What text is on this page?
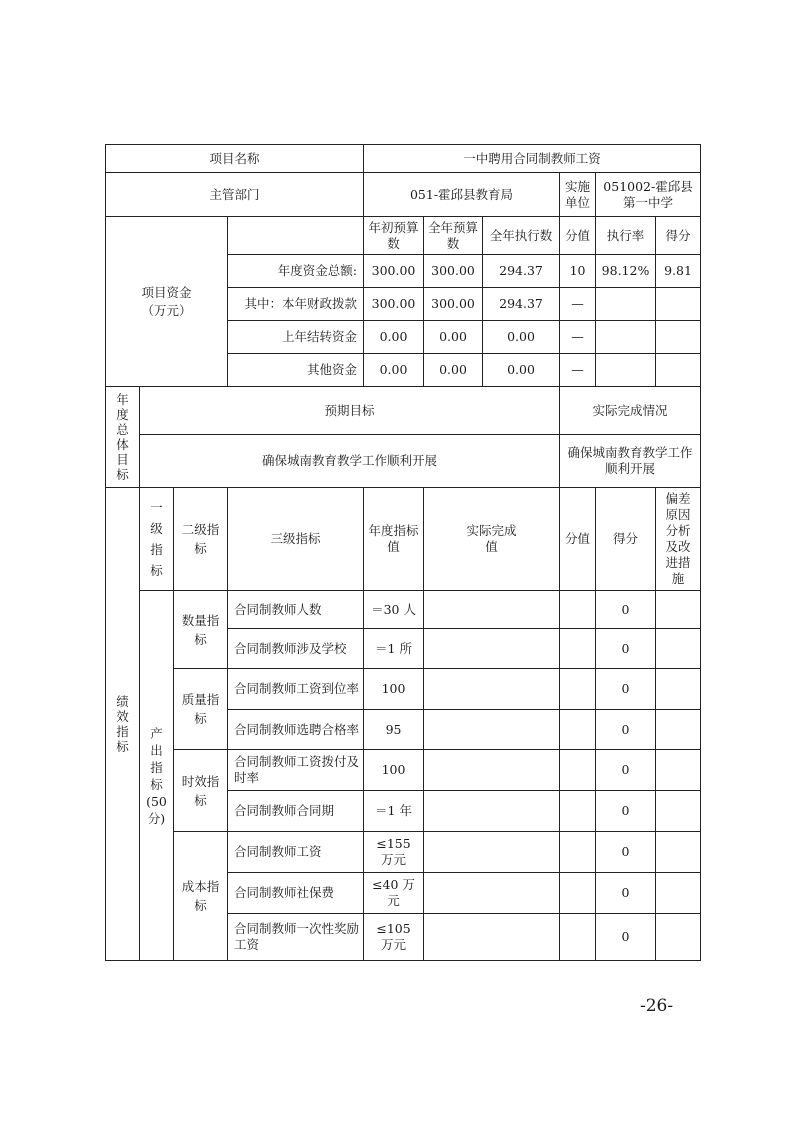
项目名称				一中聘用合同制教师工资					
主管部门				051-霍邱县教育局			实施单位	051002-霍邱县第一中学	

项目资金（万元）				年初预算数	全年预算数	全年执行数	分值	执行率	得分
			年度资金总额:	300.00	300.00	294.37	10	98.12%	9.81
			其中：本年财政拨款	300.00	300.00	294.37	—		
			上年结转资金	0.00	0.00	0.00	—		
			其他资金	0.00	0.00	0.00	—		
年度总体目标	预期目标						实际完成情况		
	确保城南教育教学工作顺利开展						确保城南教育教学工作顺利开展		
绩效指标	一级指标	二级指标	三级指标	年度指标值	实际完成值		分值	得分	偏差原因分析及改进措施

	产出指标(50分)	数量指标	合同制教师人数	＝30 人				0	
			合同制教师涉及学校	＝1 所				0	

		质量指标	合同制教师工资到位率	100				0	
			合同制教师选聘合格率	95				0	

		时效指标	合同制教师工资拨付及时率	100				0	
			合同制教师合同期	＝1 年				0	

		成本指标	合同制教师工资	≤155 万元				0	
			合同制教师社保费	≤40 万元				0	
			合同制教师一次性奖励工资	≤105 万元				0	
-26-
